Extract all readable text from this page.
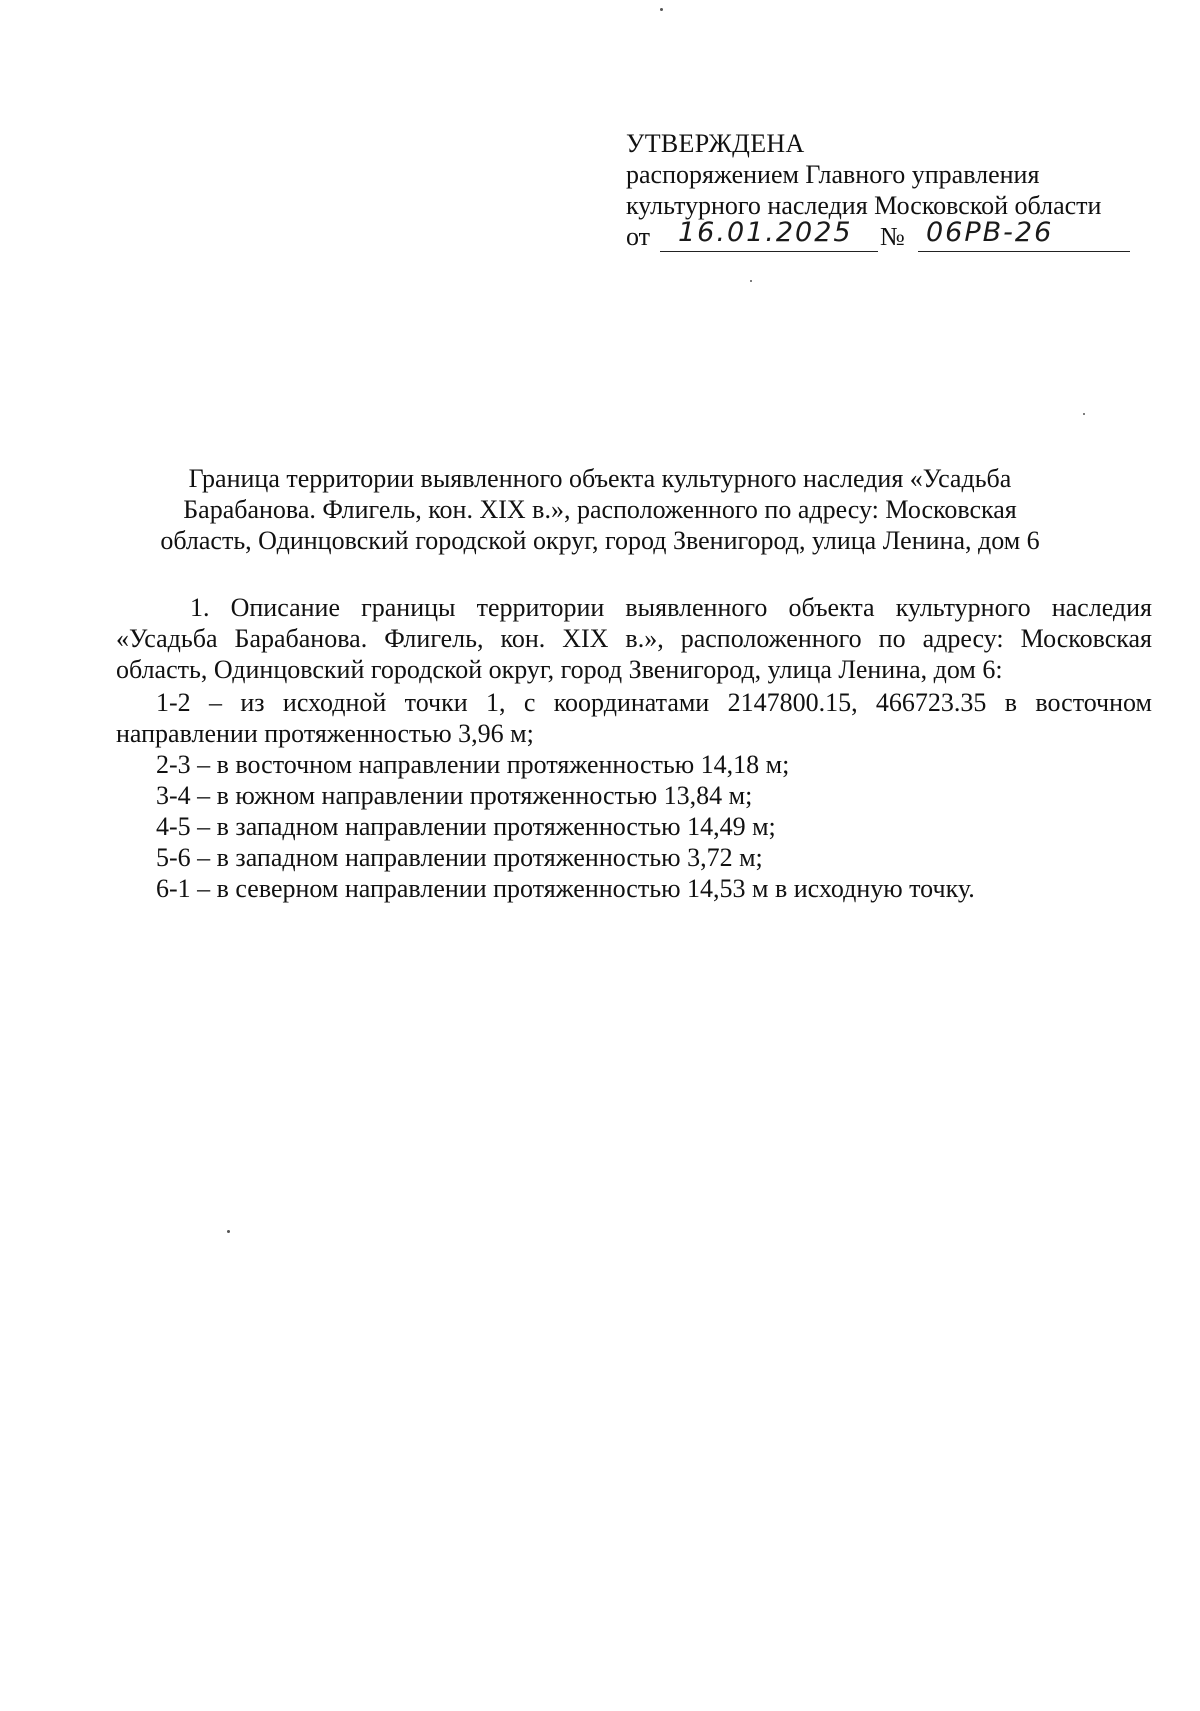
УТВЕРЖДЕНА
распоряжением Главного управления
культурного наследия Московской области
от 16.01.2025 № 06РВ-26
Граница территории выявленного объекта культурного наследия «Усадьба
Барабанова. Флигель, кон. XIX в.», расположенного по адресу: Московская
область, Одинцовский городской округ, город Звенигород, улица Ленина, дом 6

1. Описание границы территории выявленного объекта культурного наследия «Усадьба Барабанова. Флигель, кон. XIX в.», расположенного по адресу: Московская область, Одинцовский городской округ, город Звенигород, улица Ленина, дом 6:

1-2 – из исходной точки 1, с координатами 2147800.15, 466723.35 в восточном направлении протяженностью 3,96 м;

2-3 – в восточном направлении протяженностью 14,18 м;

3-4 – в южном направлении протяженностью 13,84 м;

4-5 – в западном направлении протяженностью 14,49 м;

5-6 – в западном направлении протяженностью 3,72 м;

6-1 – в северном направлении протяженностью 14,53 м в исходную точку.
